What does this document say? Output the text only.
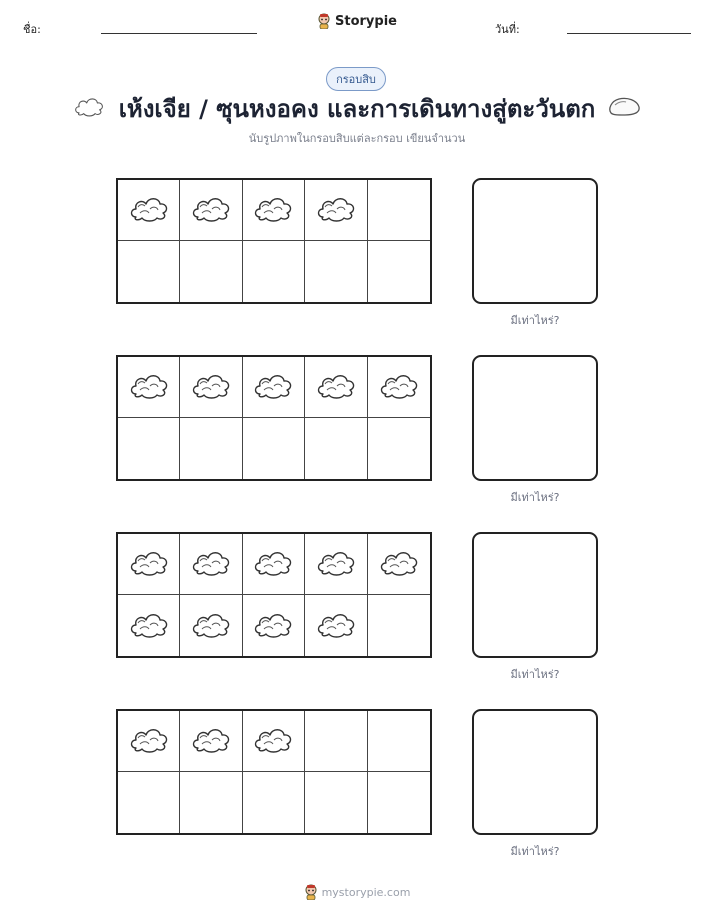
ชื่อ:
Storypie
วันที่:
กรอบสิบ
เห้งเจีย / ซุนหงอคง และการเดินทางสู่ตะวันตก
นับรูปภาพในกรอบสิบแต่ละกรอบ เขียนจำนวน
มีเท่าไหร่?
มีเท่าไหร่?
มีเท่าไหร่?
มีเท่าไหร่?
mystorypie.com
